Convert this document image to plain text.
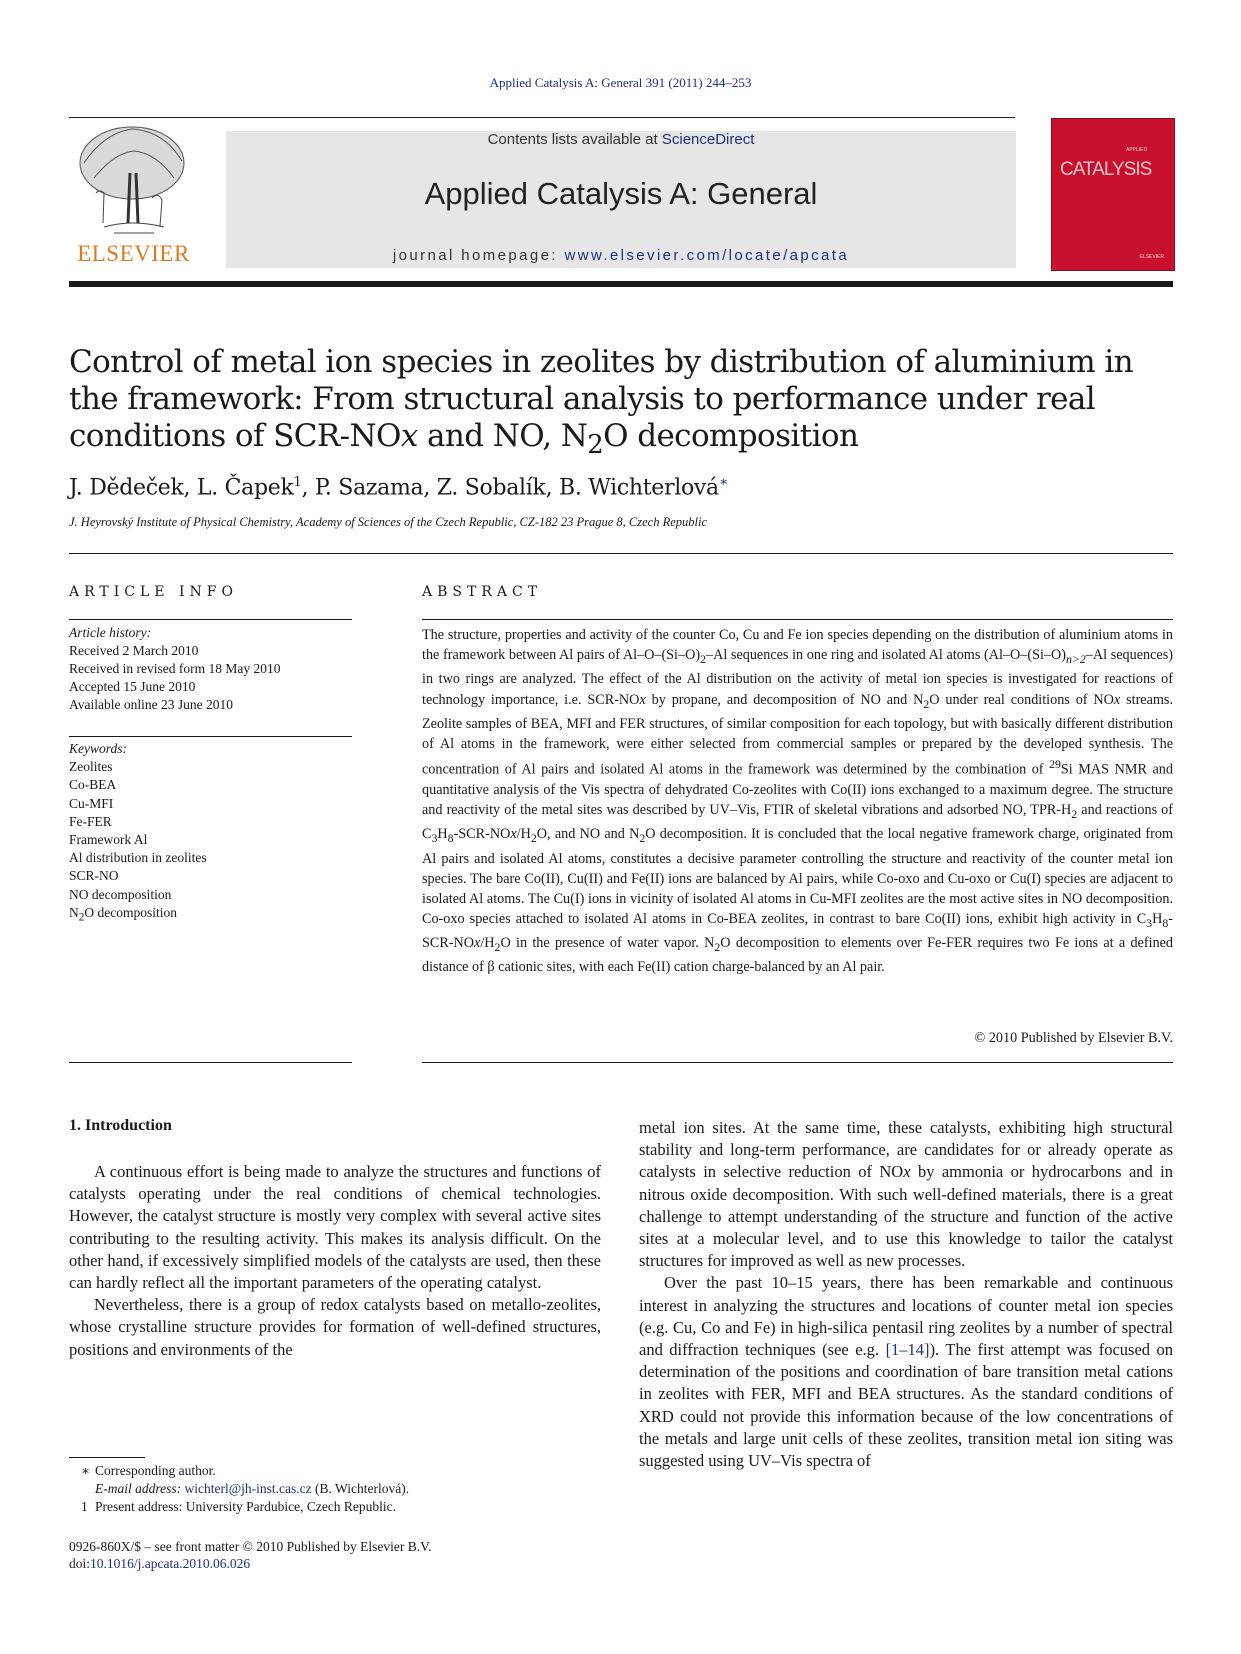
Applied Catalysis A: General 391 (2011) 244–253
ELSEVIER
Contents lists available at ScienceDirect
Applied Catalysis A: General
journal homepage: www.elsevier.com/locate/apcata
APPLIED
CATALYSIS
ELSEVIER
Control of metal ion species in zeolites by distribution of aluminium in the framework: From structural analysis to performance under real conditions of SCR-NOx and NO, $N_2O$ decomposition
J. Dědeček, L. Čapek$^1$, P. Sazama, Z. Sobalík, B. Wichterlová∗
J. Heyrovský Institute of Physical Chemistry, Academy of Sciences of the Czech Republic, CZ-182 23 Prague 8, Czech Republic
ARTICLE INFO
Article history:
Received 2 March 2010
Received in revised form 18 May 2010
Accepted 15 June 2010
Available online 23 June 2010
Keywords:
Zeolites
Co-BEA
Cu-MFI
Fe-FER
Framework Al
Al distribution in zeolites
SCR-NO
NO decomposition
$N_2O$ decomposition
ABSTRACT
The structure, properties and activity of the counter Co, Cu and Fe ion species depending on the distribution of aluminium atoms in the framework between Al pairs of $Al-O-(Si-O)_2-Al$ sequences in one ring and isolated Al atoms ($Al-O-(Si-O)_{n>2}-Al$ sequences) in two rings are analyzed. The effect of the Al distribution on the activity of metal ion species is investigated for reactions of technology importance, i.e. SCR-NOx by propane, and decomposition of NO and $N_2O$ under real conditions of NOx streams. Zeolite samples of BEA, MFI and FER structures, of similar composition for each topology, but with basically different distribution of Al atoms in the framework, were either selected from commercial samples or prepared by the developed synthesis. The concentration of Al pairs and isolated Al atoms in the framework was determined by the combination of $^{29}$Si MAS NMR and quantitative analysis of the Vis spectra of dehydrated Co-zeolites with Co(II) ions exchanged to a maximum degree. The structure and reactivity of the metal sites was described by UV–Vis, FTIR of skeletal vibrations and adsorbed NO, TPR-$H_2$ and reactions of $C_3H_8-SCR-NOx/H_2O$, and NO and $N_2O$ decomposition. It is concluded that the local negative framework charge, originated from Al pairs and isolated Al atoms, constitutes a decisive parameter controlling the structure and reactivity of the counter metal ion species. The bare Co(II), Cu(II) and Fe(II) ions are balanced by Al pairs, while Co-oxo and Cu-oxo or Cu(I) species are adjacent to isolated Al atoms. The Cu(I) ions in vicinity of isolated Al atoms in Cu-MFI zeolites are the most active sites in NO decomposition. Co-oxo species attached to isolated Al atoms in Co-BEA zeolites, in contrast to bare Co(II) ions, exhibit high activity in $C_3H_8-SCR-NOx/H_2O$ in the presence of water vapor. $N_2O$ decomposition to elements over Fe-FER requires two Fe ions at a defined distance of β cationic sites, with each Fe(II) cation charge-balanced by an Al pair.
© 2010 Published by Elsevier B.V.
1. Introduction

A continuous effort is being made to analyze the structures and functions of catalysts operating under the real conditions of chemical technologies. However, the catalyst structure is mostly very complex with several active sites contributing to the resulting activity. This makes its analysis difficult. On the other hand, if excessively simplified models of the catalysts are used, then these can hardly reflect all the important parameters of the operating catalyst.

Nevertheless, there is a group of redox catalysts based on metallo-zeolites, whose crystalline structure provides for formation of well-defined structures, positions and environments of the

metal ion sites. At the same time, these catalysts, exhibiting high structural stability and long-term performance, are candidates for or already operate as catalysts in selective reduction of NOx by ammonia or hydrocarbons and in nitrous oxide decomposition. With such well-defined materials, there is a great challenge to attempt understanding of the structure and function of the active sites at a molecular level, and to use this knowledge to tailor the catalyst structures for improved as well as new processes.

Over the past 10–15 years, there has been remarkable and continuous interest in analyzing the structures and locations of counter metal ion species (e.g. Cu, Co and Fe) in high-silica pentasil ring zeolites by a number of spectral and diffraction techniques (see e.g. [1–14]). The first attempt was focused on determination of the positions and coordination of bare transition metal cations in zeolites with FER, MFI and BEA structures. As the standard conditions of XRD could not provide this information because of the low concentrations of the metals and large unit cells of these zeolites, transition metal ion siting was suggested using UV–Vis spectra of

∗ Corresponding author.
E-mail address: wichterl@jh-inst.cas.cz (B. Wichterlová).
1 Present address: University Pardubice, Czech Republic.
0926-860X/$ – see front matter © 2010 Published by Elsevier B.V.
doi:10.1016/j.apcata.2010.06.026
